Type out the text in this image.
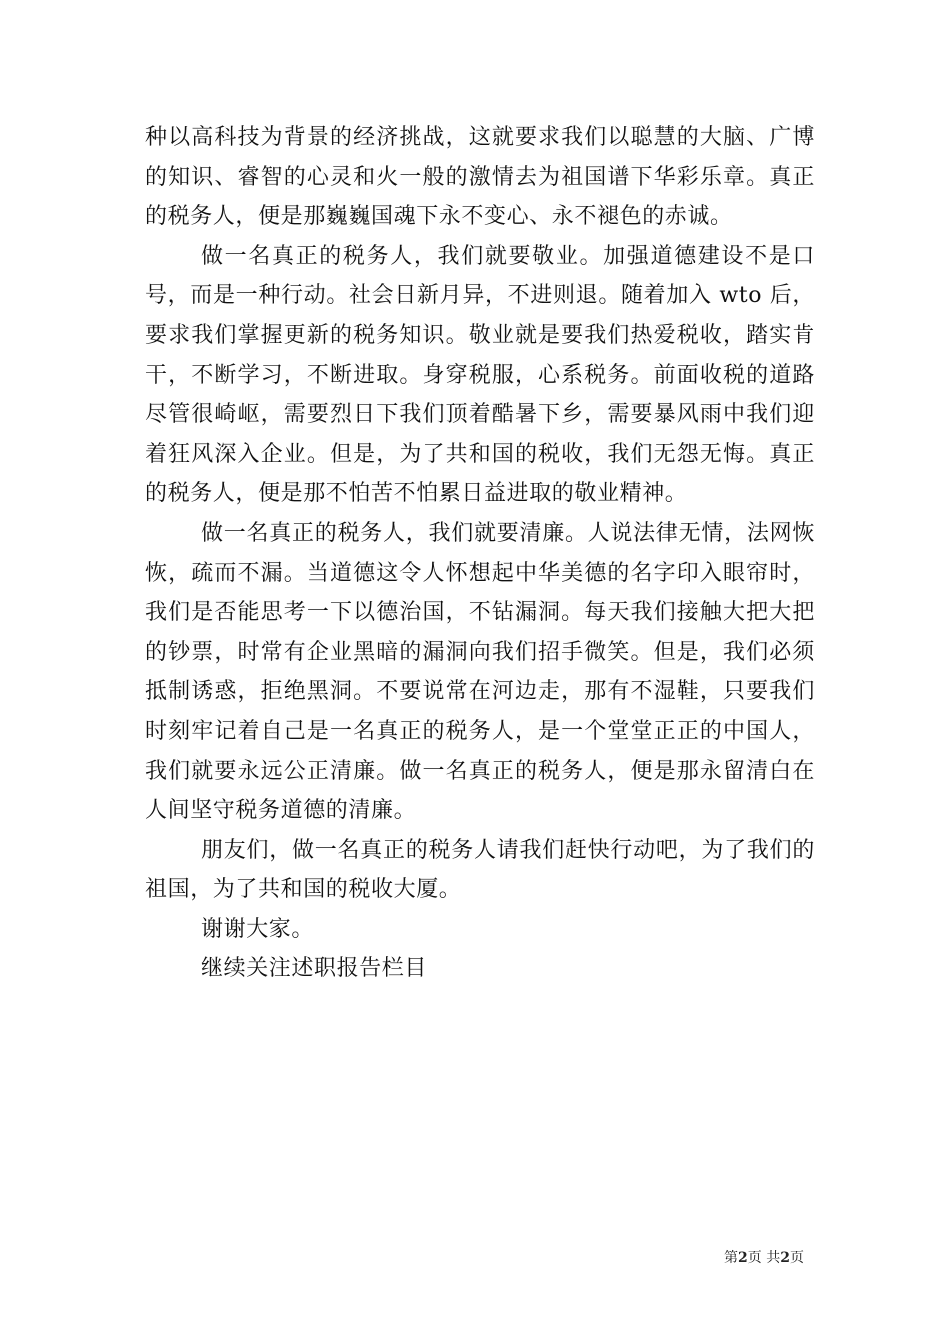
种以高科技为背景的经济挑战，这就要求我们以聪慧的大脑、广博的知识、睿智的心灵和火一般的激情去为祖国谱下华彩乐章。真正的税务人，便是那巍巍国魂下永不变心、永不褪色的赤诚。

做一名真正的税务人，我们就要敬业。加强道德建设不是口号，而是一种行动。社会日新月异，不进则退。随着加入 wto 后，要求我们掌握更新的税务知识。敬业就是要我们热爱税收，踏实肯干，不断学习，不断进取。身穿税服，心系税务。前面收税的道路尽管很崎岖，需要烈日下我们顶着酷暑下乡，需要暴风雨中我们迎着狂风深入企业。但是，为了共和国的税收，我们无怨无悔。真正的税务人，便是那不怕苦不怕累日益进取的敬业精神。

做一名真正的税务人，我们就要清廉。人说法律无情，法网恢恢，疏而不漏。当道德这令人怀想起中华美德的名字印入眼帘时，我们是否能思考一下以德治国，不钻漏洞。每天我们接触大把大把的钞票，时常有企业黑暗的漏洞向我们招手微笑。但是，我们必须抵制诱惑，拒绝黑洞。不要说常在河边走，那有不湿鞋，只要我们时刻牢记着自己是一名真正的税务人，是一个堂堂正正的中国人，我们就要永远公正清廉。做一名真正的税务人，便是那永留清白在人间坚守税务道德的清廉。

朋友们，做一名真正的税务人请我们赶快行动吧，为了我们的祖国，为了共和国的税收大厦。

谢谢大家。

继续关注述职报告栏目

第2页 共2页
